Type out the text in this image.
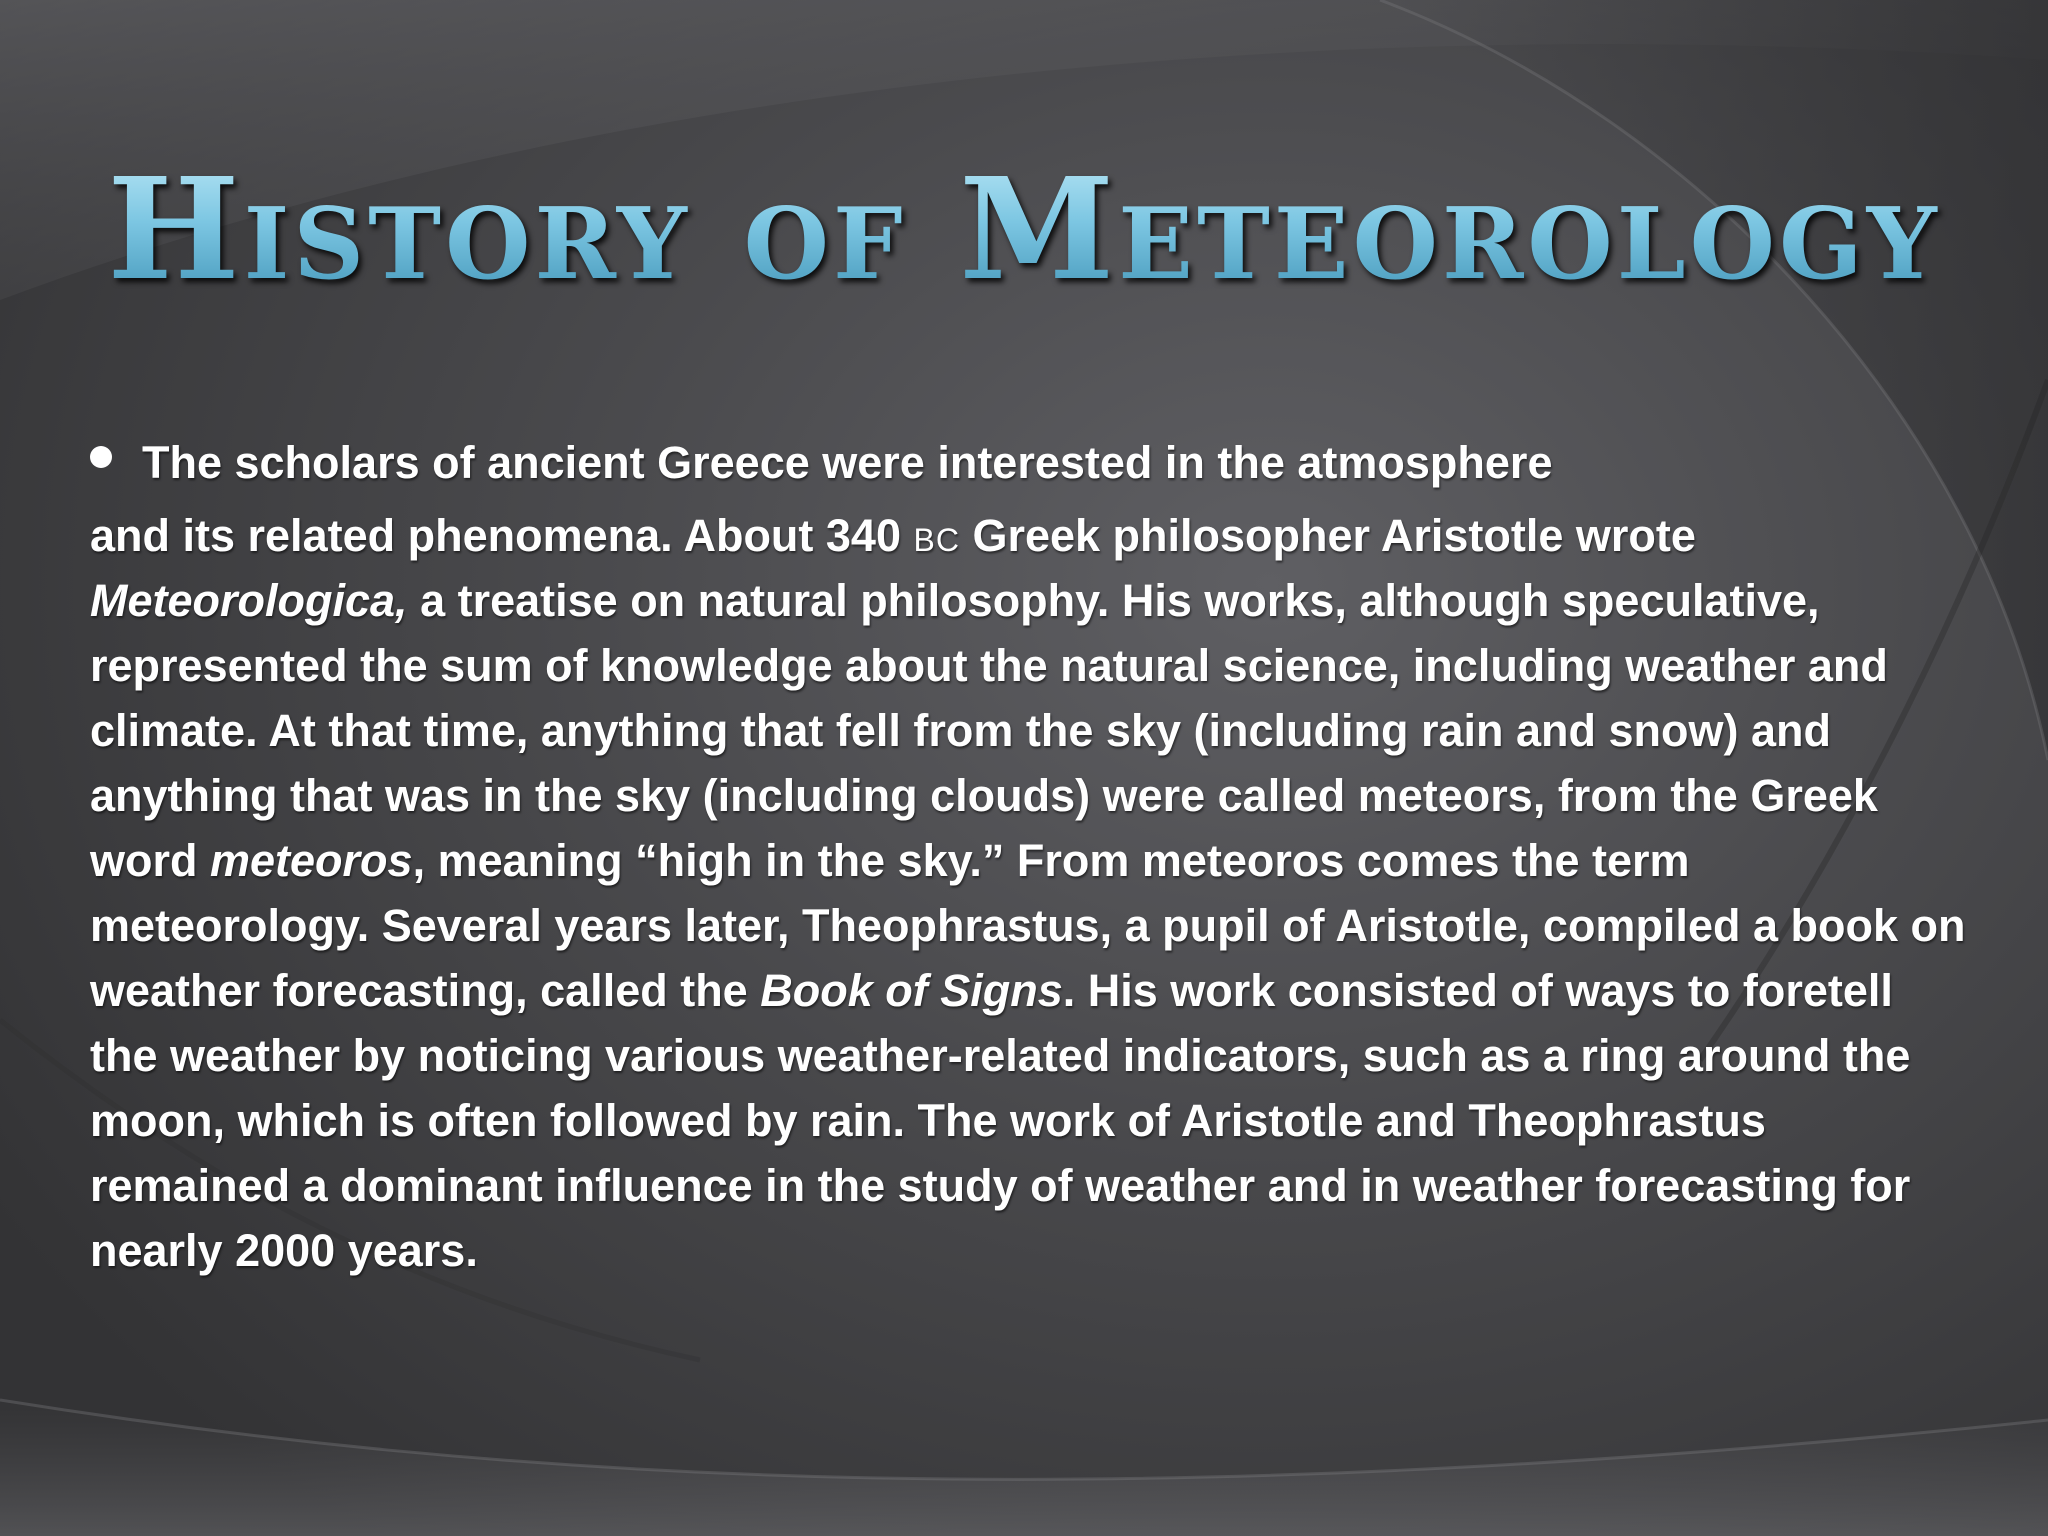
History of Meteorology

The scholars of ancient Greece were interested in the atmosphere
and its related phenomena. About 340 bc Greek philosopher Aristotle wrote Meteorologica, a treatise on natural philosophy. His works, although speculative, represented the sum of knowledge about the natural science, including weather and climate. At that time, anything that fell from the sky (including rain and snow) and anything that was in the sky (including clouds) were called meteors, from the Greek word meteoros, meaning “high in the sky.” From meteoros comes the term meteorology. Several years later, Theophrastus, a pupil of Aristotle, compiled a book on weather forecasting, called the Book of Signs. His work consisted of ways to foretell the weather by noticing various weather-related indicators, such as a ring around the moon, which is often followed by rain. The work of Aristotle and Theophrastus remained a dominant influence in the study of weather and in weather forecasting for nearly 2000 years.
